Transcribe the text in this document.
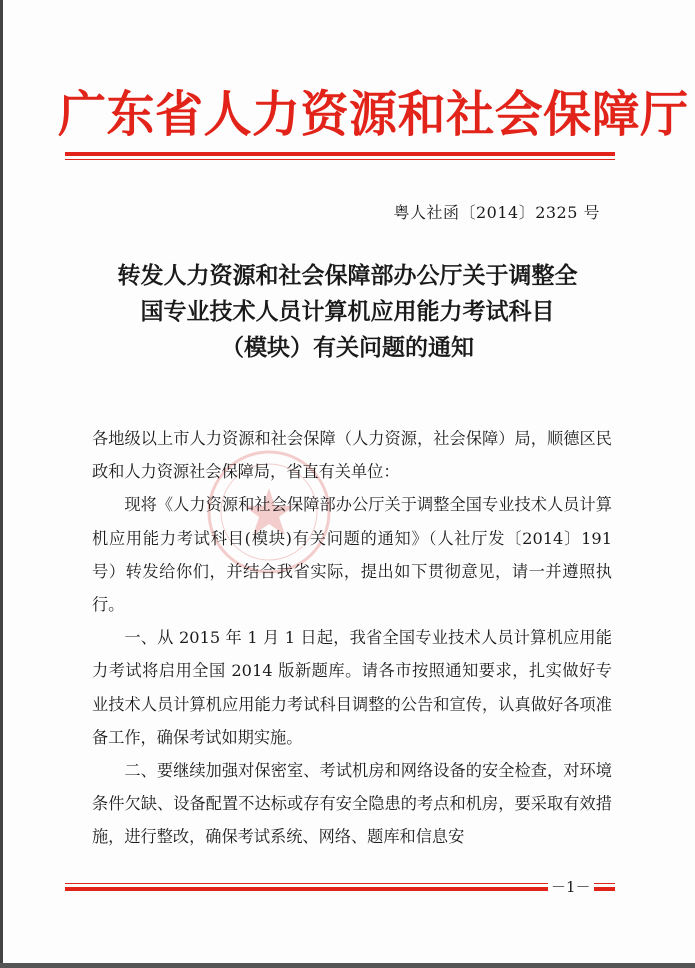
广东省人力资源和社会保障厅
粤人社函〔2014〕2325 号
转发人力资源和社会保障部办公厅关于调整全
国专业技术人员计算机应用能力考试科目
（模块）有关问题的通知

各地级以上市人力资源和社会保障（人力资源，社会保障）局，顺德区民政和人力资源社会保障局，省直有关单位：

现将《人力资源和社会保障部办公厅关于调整全国专业技术人员计算机应用能力考试科目(模块)有关问题的通知》（人社厅发〔2014〕191 号）转发给你们，并结合我省实际，提出如下贯彻意见，请一并遵照执行。

一、从 2015 年 1 月 1 日起，我省全国专业技术人员计算机应用能力考试将启用全国 2014 版新题库。请各市按照通知要求，扎实做好专业技术人员计算机应用能力考试科目调整的公告和宣传，认真做好各项准备工作，确保考试如期实施。

二、要继续加强对保密室、考试机房和网络设备的安全检查，对环境条件欠缺、设备配置不达标或存有安全隐患的考点和机房，要采取有效措施，进行整改，确保考试系统、网络、题库和信息安

－1－
